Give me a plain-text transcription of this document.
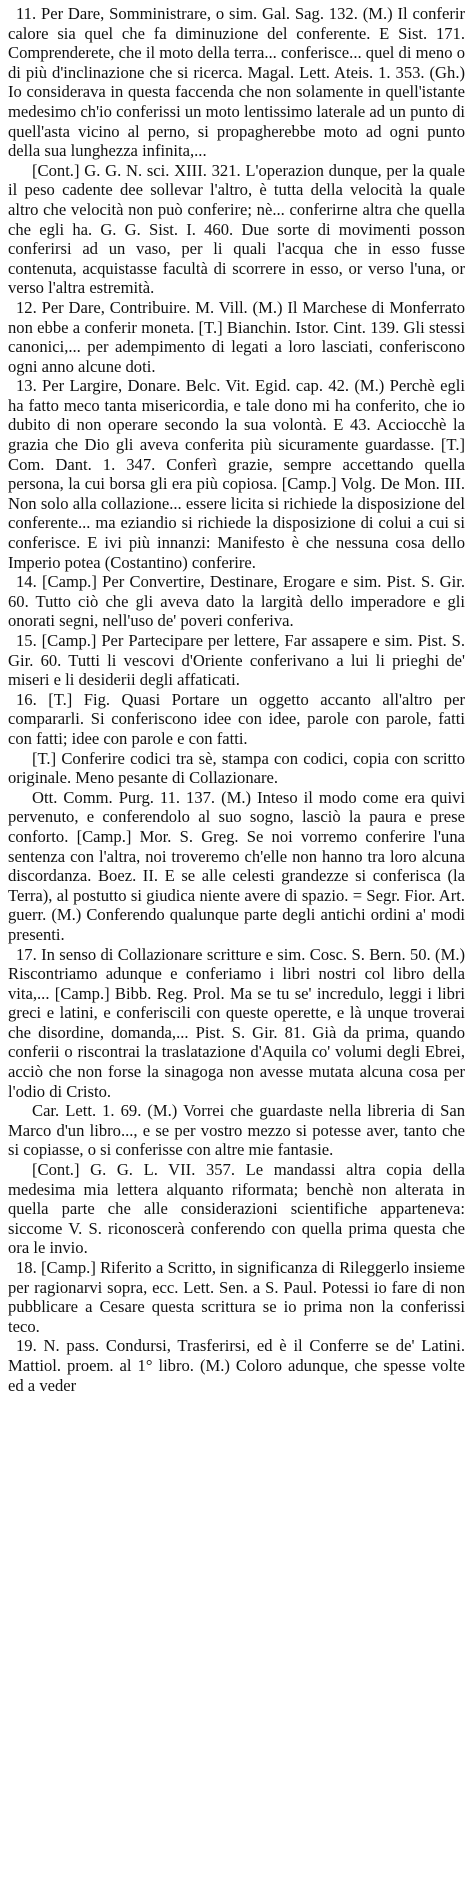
11. Per Dare, Somministrare, o sim. Gal. Sag. 132. (M.) Il conferir calore sia quel che fa diminuzione del conferente. E Sist. 171. Comprenderete, che il moto della terra... conferisce... quel di meno o di più d'inclinazione che si ricerca. Magal. Lett. Ateis. 1. 353. (Gh.) Io considerava in questa faccenda che non solamente in quell'istante medesimo ch'io conferissi un moto lentissimo laterale ad un punto di quell'asta vicino al perno, si propagherebbe moto ad ogni punto della sua lunghezza infinita,...

[Cont.] G. G. N. sci. XIII. 321. L'operazion dunque, per la quale il peso cadente dee sollevar l'altro, è tutta della velocità la quale altro che velocità non può conferire; nè... conferirne altra che quella che egli ha. G. G. Sist. I. 460. Due sorte di movimenti posson conferirsi ad un vaso, per li quali l'acqua che in esso fusse contenuta, acquistasse facultà di scorrere in esso, or verso l'una, or verso l'altra estremità.

12. Per Dare, Contribuire. M. Vill. (M.) Il Marchese di Monferrato non ebbe a conferir moneta. [T.] Bianchin. Istor. Cint. 139. Gli stessi canonici,... per adempimento di legati a loro lasciati, conferiscono ogni anno alcune doti.

13. Per Largire, Donare. Belc. Vit. Egid. cap. 42. (M.) Perchè egli ha fatto meco tanta misericordia, e tale dono mi ha conferito, che io dubito di non operare secondo la sua volontà. E 43. Acciocchè la grazia che Dio gli aveva conferita più sicuramente guardasse. [T.] Com. Dant. 1. 347. Conferì grazie, sempre accettando quella persona, la cui borsa gli era più copiosa. [Camp.] Volg. De Mon. III. Non solo alla collazione... essere licita si richiede la disposizione del conferente... ma eziandio si richiede la disposizione di colui a cui si conferisce. E ivi più innanzi: Manifesto è che nessuna cosa dello Imperio potea (Costantino) conferire.

14. [Camp.] Per Convertire, Destinare, Erogare e sim. Pist. S. Gir. 60. Tutto ciò che gli aveva dato la largità dello imperadore e gli onorati segni, nell'uso de' poveri conferiva.

15. [Camp.] Per Partecipare per lettere, Far assapere e sim. Pist. S. Gir. 60. Tutti li vescovi d'Oriente conferivano a lui li prieghi de' miseri e li desiderii degli affaticati.

16. [T.] Fig. Quasi Portare un oggetto accanto all'altro per compararli. Si conferiscono idee con idee, parole con parole, fatti con fatti; idee con parole e con fatti.

[T.] Conferire codici tra sè, stampa con codici, copia con scritto originale. Meno pesante di Collazionare.

Ott. Comm. Purg. 11. 137. (M.) Inteso il modo come era quivi pervenuto, e conferendolo al suo sogno, lasciò la paura e prese conforto. [Camp.] Mor. S. Greg. Se noi vorremo conferire l'una sentenza con l'altra, noi troveremo ch'elle non hanno tra loro alcuna discordanza. Boez. II. E se alle celesti grandezze si conferisca (la Terra), al postutto si giudica niente avere di spazio. = Segr. Fior. Art. guerr. (M.) Conferendo qualunque parte degli antichi ordini a' modi presenti.

17. In senso di Collazionare scritture e sim. Cosc. S. Bern. 50. (M.) Riscontriamo adunque e conferiamo i libri nostri col libro della vita,... [Camp.] Bibb. Reg. Prol. Ma se tu se' incredulo, leggi i libri greci e latini, e conferiscili con queste operette, e là unque troverai che disordine, domanda,... Pist. S. Gir. 81. Già da prima, quando conferii o riscontrai la traslatazione d'Aquila co' volumi degli Ebrei, acciò che non forse la sinagoga non avesse mutata alcuna cosa per l'odio di Cristo.

Car. Lett. 1. 69. (M.) Vorrei che guardaste nella libreria di San Marco d'un libro..., e se per vostro mezzo si potesse aver, tanto che si copiasse, o si conferisse con altre mie fantasie.

[Cont.] G. G. L. VII. 357. Le mandassi altra copia della medesima mia lettera alquanto riformata; benchè non alterata in quella parte che alle considerazioni scientifiche apparteneva: siccome V. S. riconoscerà conferendo con quella prima questa che ora le invio.

18. [Camp.] Riferito a Scritto, in significanza di Rileggerlo insieme per ragionarvi sopra, ecc. Lett. Sen. a S. Paul. Potessi io fare di non pubblicare a Cesare questa scrittura se io prima non la conferissi teco.

19. N. pass. Condursi, Trasferirsi, ed è il Conferre se de' Latini. Mattiol. proem. al 1° libro. (M.) Coloro adunque, che spesse volte ed a veder
